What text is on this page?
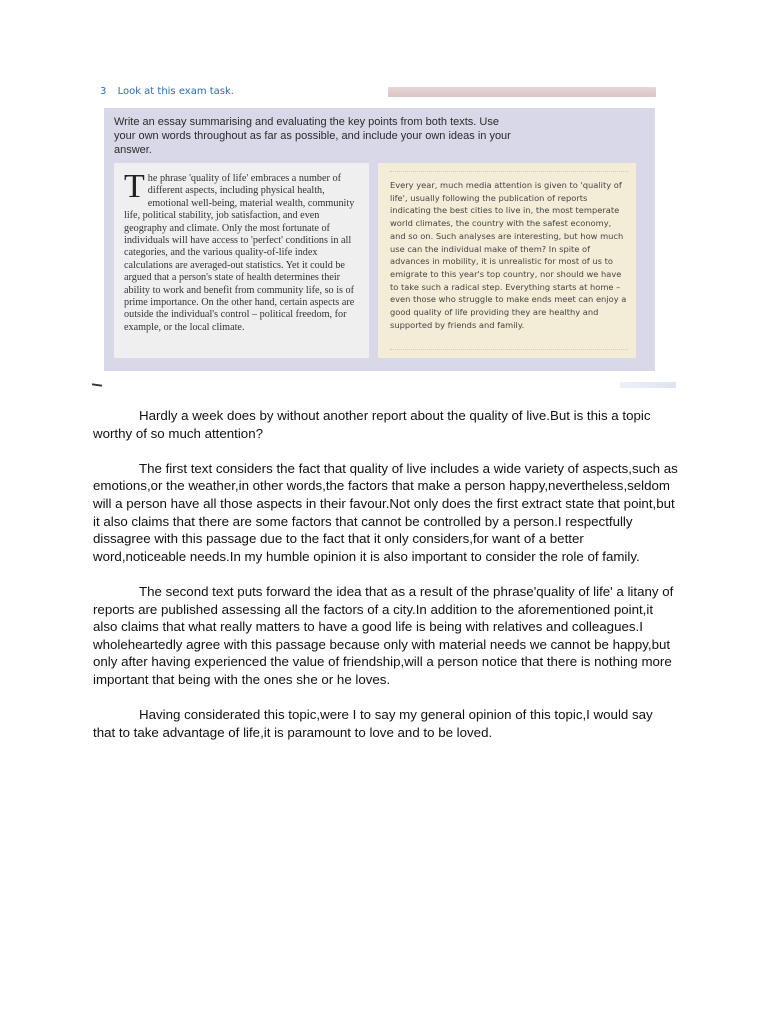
3 Look at this exam task.
Write an essay summarising and evaluating the key points from both texts. Use your own words throughout as far as possible, and include your own ideas in your answer.
T he phrase 'quality of life' embraces a number of different aspects, including physical health, emotional well-being, material wealth, community life, political stability, job satisfaction, and even geography and climate. Only the most fortunate of individuals will have access to 'perfect' conditions in all categories, and the various quality-of-life index calculations are averaged-out statistics. Yet it could be argued that a person's state of health determines their ability to work and benefit from community life, so is of prime importance. On the other hand, certain aspects are outside the individual's control – political freedom, for example, or the local climate.
Every year, much media attention is given to 'quality of life', usually following the publication of reports indicating the best cities to live in, the most temperate world climates, the country with the safest economy, and so on. Such analyses are interesting, but how much use can the individual make of them? In spite of advances in mobility, it is unrealistic for most of us to emigrate to this year's top country, nor should we have to take such a radical step. Everything starts at home – even those who struggle to make ends meet can enjoy a good quality of life providing they are healthy and supported by friends and family.

Hardly a week does by without another report about the quality of live.But is this a topic worthy of so much attention?

The first text considers the fact that quality of live includes a wide variety of aspects,such as emotions,or the weather,in other words,the factors that make a person happy,nevertheless,seldom will a person have all those aspects in their favour.Not only does the first extract state that point,but it also claims that there are some factors that cannot be controlled by a person.I respectfully dissagree with this passage due to the fact that it only considers,for want of a better word,noticeable needs.In my humble opinion it is also important to consider the role of family.

The second text puts forward the idea that as a result of the phrase'quality of life' a litany of reports are published assessing all the factors of a city.In addition to the aforementioned point,it also claims that what really matters to have a good life is being with relatives and colleagues.I wholeheartedly agree with this passage because only with material needs we cannot be happy,but only after having experienced the value of friendship,will a person notice that there is nothing more important that being with the ones she or he loves.

Having considerated this topic,were I to say my general opinion of this topic,I would say that to take advantage of life,it is paramount to love and to be loved.
